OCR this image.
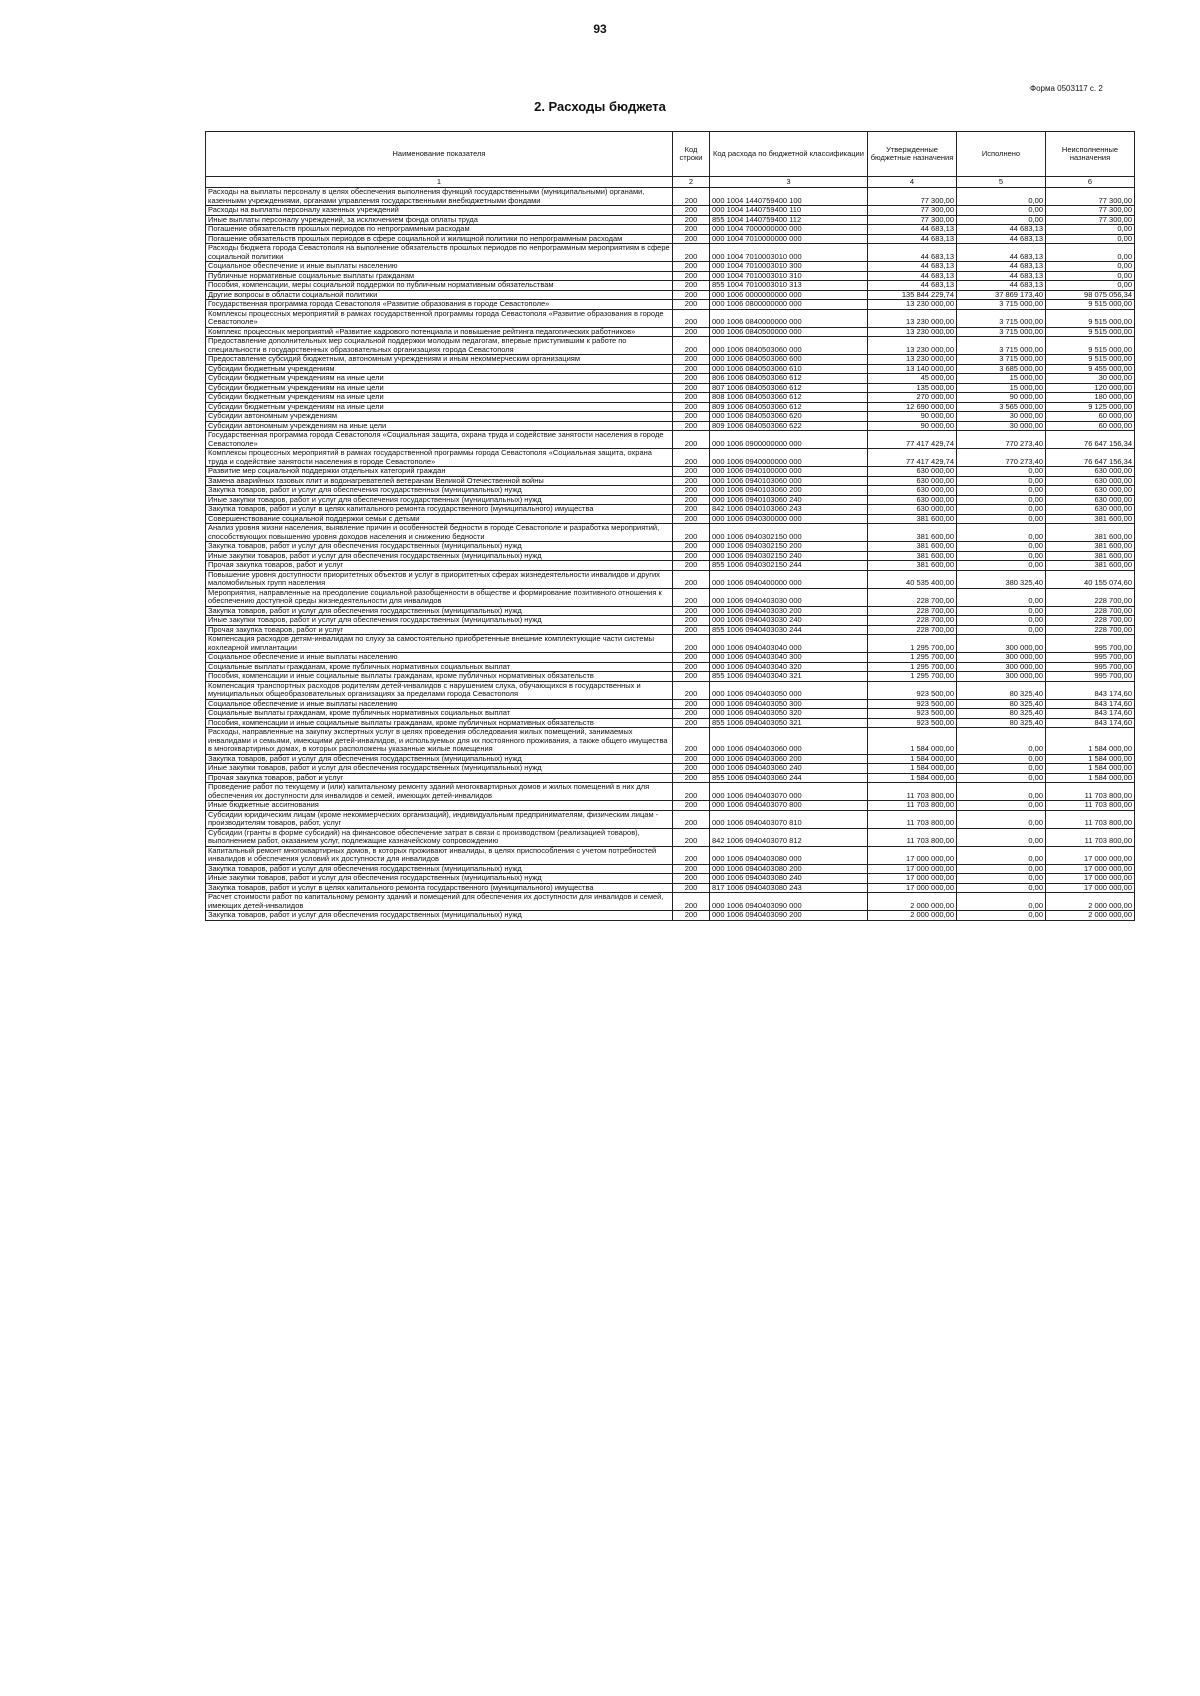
93
Форма 0503117 с. 2
2. Расходы бюджета
Наименование показателя	Код строки	Код расхода по бюджетной классификации	Утвержденные бюджетные назначения	Исполнено	Неисполненные назначения
1	2	3	4	5	6
Расходы на выплаты персоналу в целях обеспечения выполнения функций государственными (муниципальными) органами, казенными учреждениями, органами управления государственными внебюджетными фондами	200	000 1004 1440759400 100	77 300,00	0,00	77 300,00
Расходы на выплаты персоналу казенных учреждений	200	000 1004 1440759400 110	77 300,00	0,00	77 300,00
Иные выплаты персоналу учреждений, за исключением фонда оплаты труда	200	855 1004 1440759400 112	77 300,00	0,00	77 300,00
Погашение обязательств прошлых периодов по непрограммным расходам	200	000 1004 7000000000 000	44 683,13	44 683,13	0,00
Погашение обязательств прошлых периодов в сфере социальной и жилищной политики по непрограммным расходам	200	000 1004 7010000000 000	44 683,13	44 683,13	0,00
Расходы бюджета города Севастополя на выполнение обязательств прошлых периодов по непрограммным мероприятиям в сфере социальной политики	200	000 1004 7010003010 000	44 683,13	44 683,13	0,00
Социальное обеспечение и иные выплаты населению	200	000 1004 7010003010 300	44 683,13	44 683,13	0,00
Публичные нормативные социальные выплаты гражданам	200	000 1004 7010003010 310	44 683,13	44 683,13	0,00
Пособия, компенсации, меры социальной поддержки по публичным нормативным обязательствам	200	855 1004 7010003010 313	44 683,13	44 683,13	0,00
Другие вопросы в области социальной политики	200	000 1006 0000000000 000	135 844 229,74	37 869 173,40	98 075 056,34
Государственная программа города Севастополя «Развитие образования в городе Севастополе»	200	000 1006 0800000000 000	13 230 000,00	3 715 000,00	9 515 000,00
Комплексы процессных мероприятий в рамках государственной программы города Севастополя «Развитие образования в городе Севастополе»	200	000 1006 0840000000 000	13 230 000,00	3 715 000,00	9 515 000,00
Комплекс процессных мероприятий «Развитие кадрового потенциала и повышение рейтинга педагогических работников»	200	000 1006 0840500000 000	13 230 000,00	3 715 000,00	9 515 000,00
Предоставление дополнительных мер социальной поддержки молодым педагогам, впервые приступившим к работе по специальности в государственных образовательных организациях города Севастополя	200	000 1006 0840503060 000	13 230 000,00	3 715 000,00	9 515 000,00
Предоставление субсидий бюджетным, автономным учреждениям и иным некоммерческим организациям	200	000 1006 0840503060 600	13 230 000,00	3 715 000,00	9 515 000,00
Субсидии бюджетным учреждениям	200	000 1006 0840503060 610	13 140 000,00	3 685 000,00	9 455 000,00
Субсидии бюджетным учреждениям на иные цели	200	806 1006 0840503060 612	45 000,00	15 000,00	30 000,00
Субсидии бюджетным учреждениям на иные цели	200	807 1006 0840503060 612	135 000,00	15 000,00	120 000,00
Субсидии бюджетным учреждениям на иные цели	200	808 1006 0840503060 612	270 000,00	90 000,00	180 000,00
Субсидии бюджетным учреждениям на иные цели	200	809 1006 0840503060 612	12 690 000,00	3 565 000,00	9 125 000,00
Субсидии автономным учреждениям	200	000 1006 0840503060 620	90 000,00	30 000,00	60 000,00
Субсидии автономным учреждениям на иные цели	200	809 1006 0840503060 622	90 000,00	30 000,00	60 000,00
Государственная программа города Севастополя «Социальная защита, охрана труда и содействие занятости населения в городе Севастополе»	200	000 1006 0900000000 000	77 417 429,74	770 273,40	76 647 156,34
Комплексы процессных мероприятий в рамках государственной программы города Севастополя «Социальная защита, охрана труда и содействие занятости населения в городе Севастополе»	200	000 1006 0940000000 000	77 417 429,74	770 273,40	76 647 156,34
Развитие мер социальной поддержки отдельных категорий граждан	200	000 1006 0940100000 000	630 000,00	0,00	630 000,00
Замена аварийных газовых плит и водонагревателей ветеранам Великой Отечественной войны	200	000 1006 0940103060 000	630 000,00	0,00	630 000,00
Закупка товаров, работ и услуг для обеспечения государственных (муниципальных) нужд	200	000 1006 0940103060 200	630 000,00	0,00	630 000,00
Иные закупки товаров, работ и услуг для обеспечения государственных (муниципальных) нужд	200	000 1006 0940103060 240	630 000,00	0,00	630 000,00
Закупка товаров, работ и услуг в целях капитального ремонта государственного (муниципального) имущества	200	842 1006 0940103060 243	630 000,00	0,00	630 000,00
Совершенствование социальной поддержки семьи с детьми	200	000 1006 0940300000 000	381 600,00	0,00	381 600,00
Анализ уровня жизни населения, выявление причин и особенностей бедности в городе Севастополе и разработка мероприятий, способствующих повышению уровня доходов населения и снижению бедности	200	000 1006 0940302150 000	381 600,00	0,00	381 600,00
Закупка товаров, работ и услуг для обеспечения государственных (муниципальных) нужд	200	000 1006 0940302150 200	381 600,00	0,00	381 600,00
Иные закупки товаров, работ и услуг для обеспечения государственных (муниципальных) нужд	200	000 1006 0940302150 240	381 600,00	0,00	381 600,00
Прочая закупка товаров, работ и услуг	200	855 1006 0940302150 244	381 600,00	0,00	381 600,00
Повышение уровня доступности приоритетных объектов и услуг в приоритетных сферах жизнедеятельности инвалидов и других маломобильных групп населения	200	000 1006 0940400000 000	40 535 400,00	380 325,40	40 155 074,60
Мероприятия, направленные на преодоление социальной разобщенности в обществе и формирование позитивного отношения к обеспечению доступной среды жизнедеятельности для инвалидов	200	000 1006 0940403030 000	228 700,00	0,00	228 700,00
Закупка товаров, работ и услуг для обеспечения государственных (муниципальных) нужд	200	000 1006 0940403030 200	228 700,00	0,00	228 700,00
Иные закупки товаров, работ и услуг для обеспечения государственных (муниципальных) нужд	200	000 1006 0940403030 240	228 700,00	0,00	228 700,00
Прочая закупка товаров, работ и услуг	200	855 1006 0940403030 244	228 700,00	0,00	228 700,00
Компенсация расходов детям-инвалидам по слуху за самостоятельно приобретенные внешние комплектующие части системы кохлеарной имплантации	200	000 1006 0940403040 000	1 295 700,00	300 000,00	995 700,00
Социальное обеспечение и иные выплаты населению	200	000 1006 0940403040 300	1 295 700,00	300 000,00	995 700,00
Социальные выплаты гражданам, кроме публичных нормативных социальных выплат	200	000 1006 0940403040 320	1 295 700,00	300 000,00	995 700,00
Пособия, компенсации и иные социальные выплаты гражданам, кроме публичных нормативных обязательств	200	855 1006 0940403040 321	1 295 700,00	300 000,00	995 700,00
Компенсация транспортных расходов родителям детей-инвалидов с нарушением слуха, обучающихся в государственных и муниципальных общеобразовательных организациях за пределами города Севастополя	200	000 1006 0940403050 000	923 500,00	80 325,40	843 174,60
Социальное обеспечение и иные выплаты населению	200	000 1006 0940403050 300	923 500,00	80 325,40	843 174,60
Социальные выплаты гражданам, кроме публичных нормативных социальных выплат	200	000 1006 0940403050 320	923 500,00	80 325,40	843 174,60
Пособия, компенсации и иные социальные выплаты гражданам, кроме публичных нормативных обязательств	200	855 1006 0940403050 321	923 500,00	80 325,40	843 174,60
Расходы, направленные на закупку экспертных услуг в целях проведения обследования жилых помещений, занимаемых инвалидами и семьями, имеющими детей-инвалидов, и используемых для их постоянного проживания, а также общего имущества в многоквартирных домах, в которых расположены указанные жилые помещения	200	000 1006 0940403060 000	1 584 000,00	0,00	1 584 000,00
Закупка товаров, работ и услуг для обеспечения государственных (муниципальных) нужд	200	000 1006 0940403060 200	1 584 000,00	0,00	1 584 000,00
Иные закупки товаров, работ и услуг для обеспечения государственных (муниципальных) нужд	200	000 1006 0940403060 240	1 584 000,00	0,00	1 584 000,00
Прочая закупка товаров, работ и услуг	200	855 1006 0940403060 244	1 584 000,00	0,00	1 584 000,00
Проведение работ по текущему и (или) капитальному ремонту зданий многоквартирных домов и жилых помещений в них для обеспечения их доступности для инвалидов и семей, имеющих детей-инвалидов	200	000 1006 0940403070 000	11 703 800,00	0,00	11 703 800,00
Иные бюджетные ассигнования	200	000 1006 0940403070 800	11 703 800,00	0,00	11 703 800,00
Субсидии юридическим лицам (кроме некоммерческих организаций), индивидуальным предпринимателям, физическим лицам - производителям товаров, работ, услуг	200	000 1006 0940403070 810	11 703 800,00	0,00	11 703 800,00
Субсидии (гранты в форме субсидий) на финансовое обеспечение затрат в связи с производством (реализацией товаров), выполнением работ, оказанием услуг, подлежащие казначейскому сопровождению	200	842 1006 0940403070 812	11 703 800,00	0,00	11 703 800,00
Капитальный ремонт многоквартирных домов, в которых проживают инвалиды, в целях приспособления с учетом потребностей инвалидов и обеспечения условий их доступности для инвалидов	200	000 1006 0940403080 000	17 000 000,00	0,00	17 000 000,00
Закупка товаров, работ и услуг для обеспечения государственных (муниципальных) нужд	200	000 1006 0940403080 200	17 000 000,00	0,00	17 000 000,00
Иные закупки товаров, работ и услуг для обеспечения государственных (муниципальных) нужд	200	000 1006 0940403080 240	17 000 000,00	0,00	17 000 000,00
Закупка товаров, работ и услуг в целях капитального ремонта государственного (муниципального) имущества	200	817 1006 0940403080 243	17 000 000,00	0,00	17 000 000,00
Расчет стоимости работ по капитальному ремонту зданий и помещений для обеспечения их доступности для инвалидов и семей, имеющих детей-инвалидов	200	000 1006 0940403090 000	2 000 000,00	0,00	2 000 000,00
Закупка товаров, работ и услуг для обеспечения государственных (муниципальных) нужд	200	000 1006 0940403090 200	2 000 000,00	0,00	2 000 000,00
